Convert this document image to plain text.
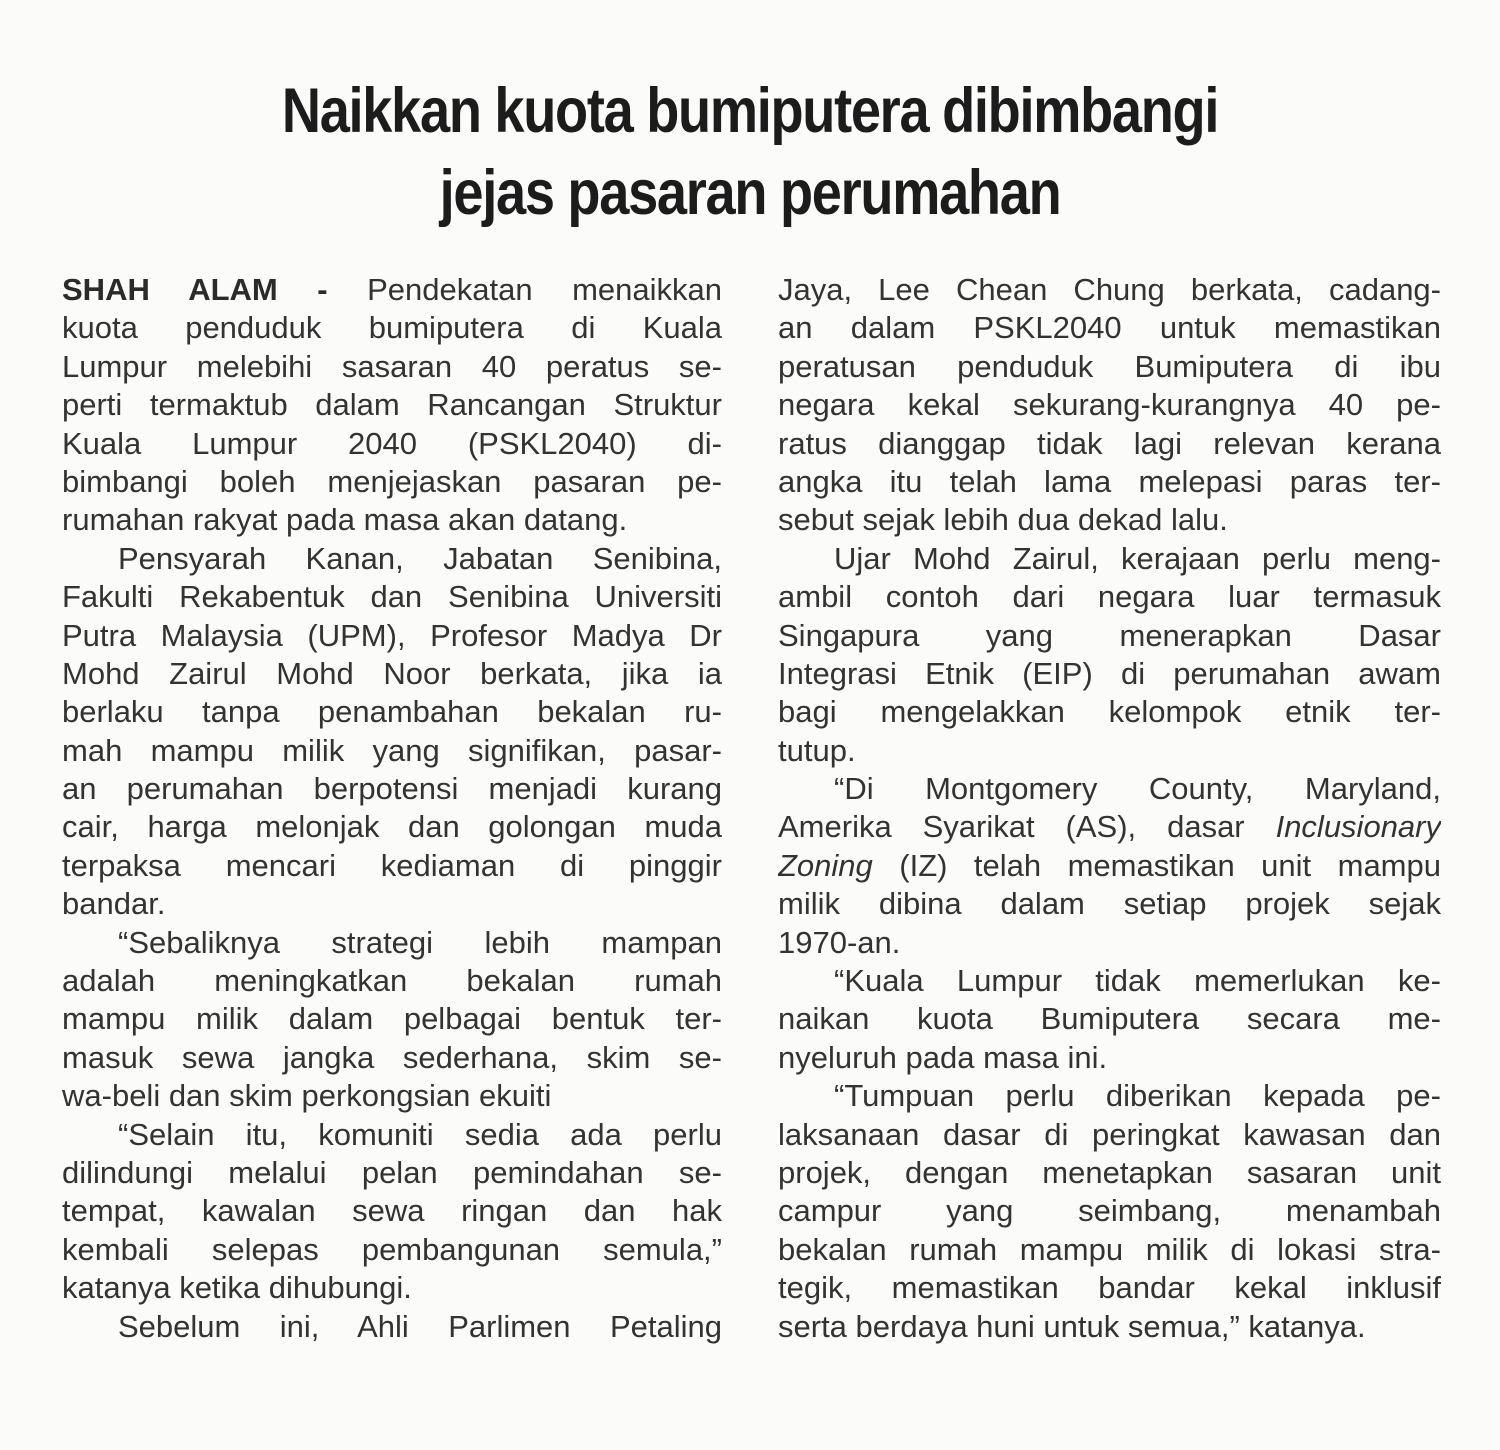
Naikkan kuota bumiputera dibimbangi
jejas pasaran perumahan
SHAH ALAM - Pendekatan menaikkan
kuota penduduk bumiputera di Kuala
Lumpur melebihi sasaran 40 peratus se-
perti termaktub dalam Rancangan Struktur
Kuala Lumpur 2040 (PSKL2040) di-
bimbangi boleh menjejaskan pasaran pe-
rumahan rakyat pada masa akan datang.
Pensyarah Kanan, Jabatan Senibina,
Fakulti Rekabentuk dan Senibina Universiti
Putra Malaysia (UPM), Profesor Madya Dr
Mohd Zairul Mohd Noor berkata, jika ia
berlaku tanpa penambahan bekalan ru-
mah mampu milik yang signifikan, pasar-
an perumahan berpotensi menjadi kurang
cair, harga melonjak dan golongan muda
terpaksa mencari kediaman di pinggir
bandar.
“Sebaliknya strategi lebih mampan
adalah meningkatkan bekalan rumah
mampu milik dalam pelbagai bentuk ter-
masuk sewa jangka sederhana, skim se-
wa-beli dan skim perkongsian ekuiti
“Selain itu, komuniti sedia ada perlu
dilindungi melalui pelan pemindahan se-
tempat, kawalan sewa ringan dan hak
kembali selepas pembangunan semula,”
katanya ketika dihubungi.
Sebelum ini, Ahli Parlimen Petaling
Jaya, Lee Chean Chung berkata, cadang-
an dalam PSKL2040 untuk memastikan
peratusan penduduk Bumiputera di ibu
negara kekal sekurang-kurangnya 40 pe-
ratus dianggap tidak lagi relevan kerana
angka itu telah lama melepasi paras ter-
sebut sejak lebih dua dekad lalu.
Ujar Mohd Zairul, kerajaan perlu meng-
ambil contoh dari negara luar termasuk
Singapura yang menerapkan Dasar
Integrasi Etnik (EIP) di perumahan awam
bagi mengelakkan kelompok etnik ter-
tutup.
“Di Montgomery County, Maryland,
Amerika Syarikat (AS), dasar Inclusionary
Zoning (IZ) telah memastikan unit mampu
milik dibina dalam setiap projek sejak
1970-an.
“Kuala Lumpur tidak memerlukan ke-
naikan kuota Bumiputera secara me-
nyeluruh pada masa ini.
“Tumpuan perlu diberikan kepada pe-
laksanaan dasar di peringkat kawasan dan
projek, dengan menetapkan sasaran unit
campur yang seimbang, menambah
bekalan rumah mampu milik di lokasi stra-
tegik, memastikan bandar kekal inklusif
serta berdaya huni untuk semua,” katanya.
